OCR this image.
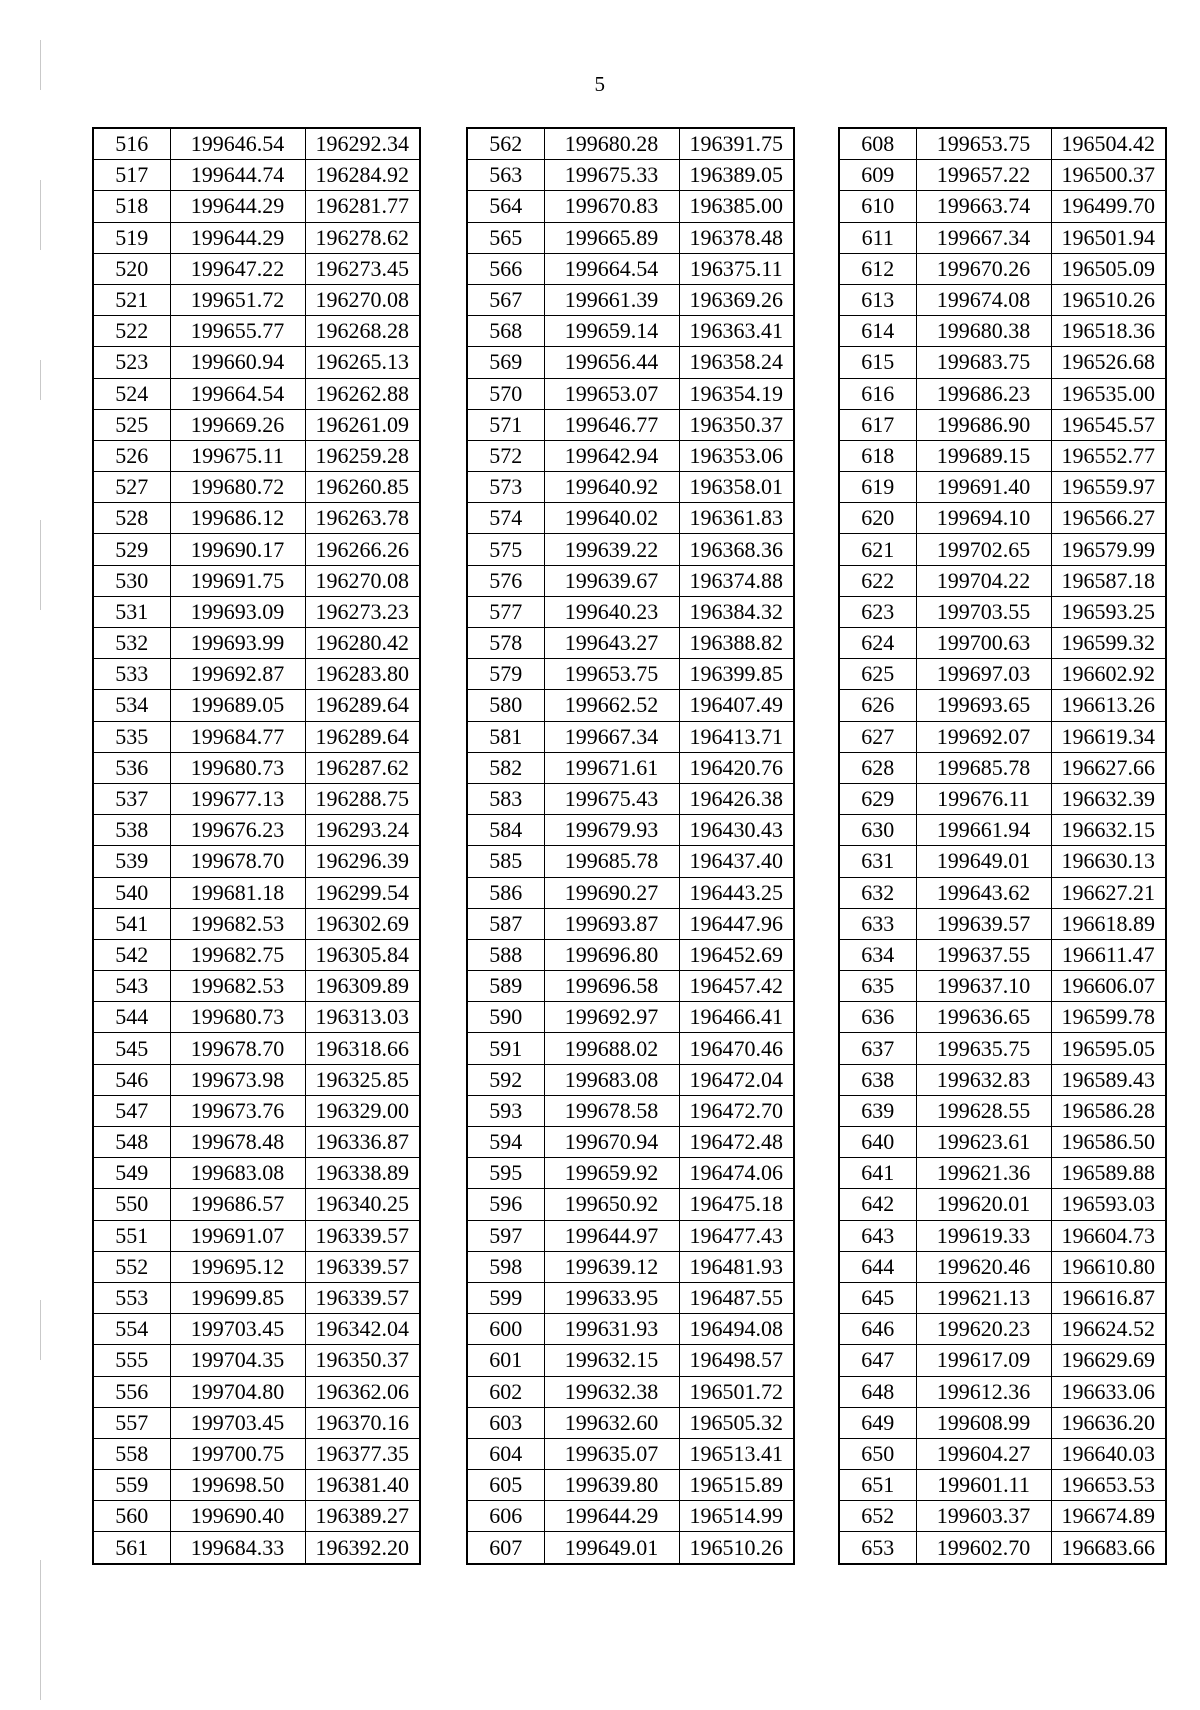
5
516	199646.54	196292.34
517	199644.74	196284.92
518	199644.29	196281.77
519	199644.29	196278.62
520	199647.22	196273.45
521	199651.72	196270.08
522	199655.77	196268.28
523	199660.94	196265.13
524	199664.54	196262.88
525	199669.26	196261.09
526	199675.11	196259.28
527	199680.72	196260.85
528	199686.12	196263.78
529	199690.17	196266.26
530	199691.75	196270.08
531	199693.09	196273.23
532	199693.99	196280.42
533	199692.87	196283.80
534	199689.05	196289.64
535	199684.77	196289.64
536	199680.73	196287.62
537	199677.13	196288.75
538	199676.23	196293.24
539	199678.70	196296.39
540	199681.18	196299.54
541	199682.53	196302.69
542	199682.75	196305.84
543	199682.53	196309.89
544	199680.73	196313.03
545	199678.70	196318.66
546	199673.98	196325.85
547	199673.76	196329.00
548	199678.48	196336.87
549	199683.08	196338.89
550	199686.57	196340.25
551	199691.07	196339.57
552	199695.12	196339.57
553	199699.85	196339.57
554	199703.45	196342.04
555	199704.35	196350.37
556	199704.80	196362.06
557	199703.45	196370.16
558	199700.75	196377.35
559	199698.50	196381.40
560	199690.40	196389.27
561	199684.33	196392.20
562	199680.28	196391.75
563	199675.33	196389.05
564	199670.83	196385.00
565	199665.89	196378.48
566	199664.54	196375.11
567	199661.39	196369.26
568	199659.14	196363.41
569	199656.44	196358.24
570	199653.07	196354.19
571	199646.77	196350.37
572	199642.94	196353.06
573	199640.92	196358.01
574	199640.02	196361.83
575	199639.22	196368.36
576	199639.67	196374.88
577	199640.23	196384.32
578	199643.27	196388.82
579	199653.75	196399.85
580	199662.52	196407.49
581	199667.34	196413.71
582	199671.61	196420.76
583	199675.43	196426.38
584	199679.93	196430.43
585	199685.78	196437.40
586	199690.27	196443.25
587	199693.87	196447.96
588	199696.80	196452.69
589	199696.58	196457.42
590	199692.97	196466.41
591	199688.02	196470.46
592	199683.08	196472.04
593	199678.58	196472.70
594	199670.94	196472.48
595	199659.92	196474.06
596	199650.92	196475.18
597	199644.97	196477.43
598	199639.12	196481.93
599	199633.95	196487.55
600	199631.93	196494.08
601	199632.15	196498.57
602	199632.38	196501.72
603	199632.60	196505.32
604	199635.07	196513.41
605	199639.80	196515.89
606	199644.29	196514.99
607	199649.01	196510.26
608	199653.75	196504.42
609	199657.22	196500.37
610	199663.74	196499.70
611	199667.34	196501.94
612	199670.26	196505.09
613	199674.08	196510.26
614	199680.38	196518.36
615	199683.75	196526.68
616	199686.23	196535.00
617	199686.90	196545.57
618	199689.15	196552.77
619	199691.40	196559.97
620	199694.10	196566.27
621	199702.65	196579.99
622	199704.22	196587.18
623	199703.55	196593.25
624	199700.63	196599.32
625	199697.03	196602.92
626	199693.65	196613.26
627	199692.07	196619.34
628	199685.78	196627.66
629	199676.11	196632.39
630	199661.94	196632.15
631	199649.01	196630.13
632	199643.62	196627.21
633	199639.57	196618.89
634	199637.55	196611.47
635	199637.10	196606.07
636	199636.65	196599.78
637	199635.75	196595.05
638	199632.83	196589.43
639	199628.55	196586.28
640	199623.61	196586.50
641	199621.36	196589.88
642	199620.01	196593.03
643	199619.33	196604.73
644	199620.46	196610.80
645	199621.13	196616.87
646	199620.23	196624.52
647	199617.09	196629.69
648	199612.36	196633.06
649	199608.99	196636.20
650	199604.27	196640.03
651	199601.11	196653.53
652	199603.37	196674.89
653	199602.70	196683.66
